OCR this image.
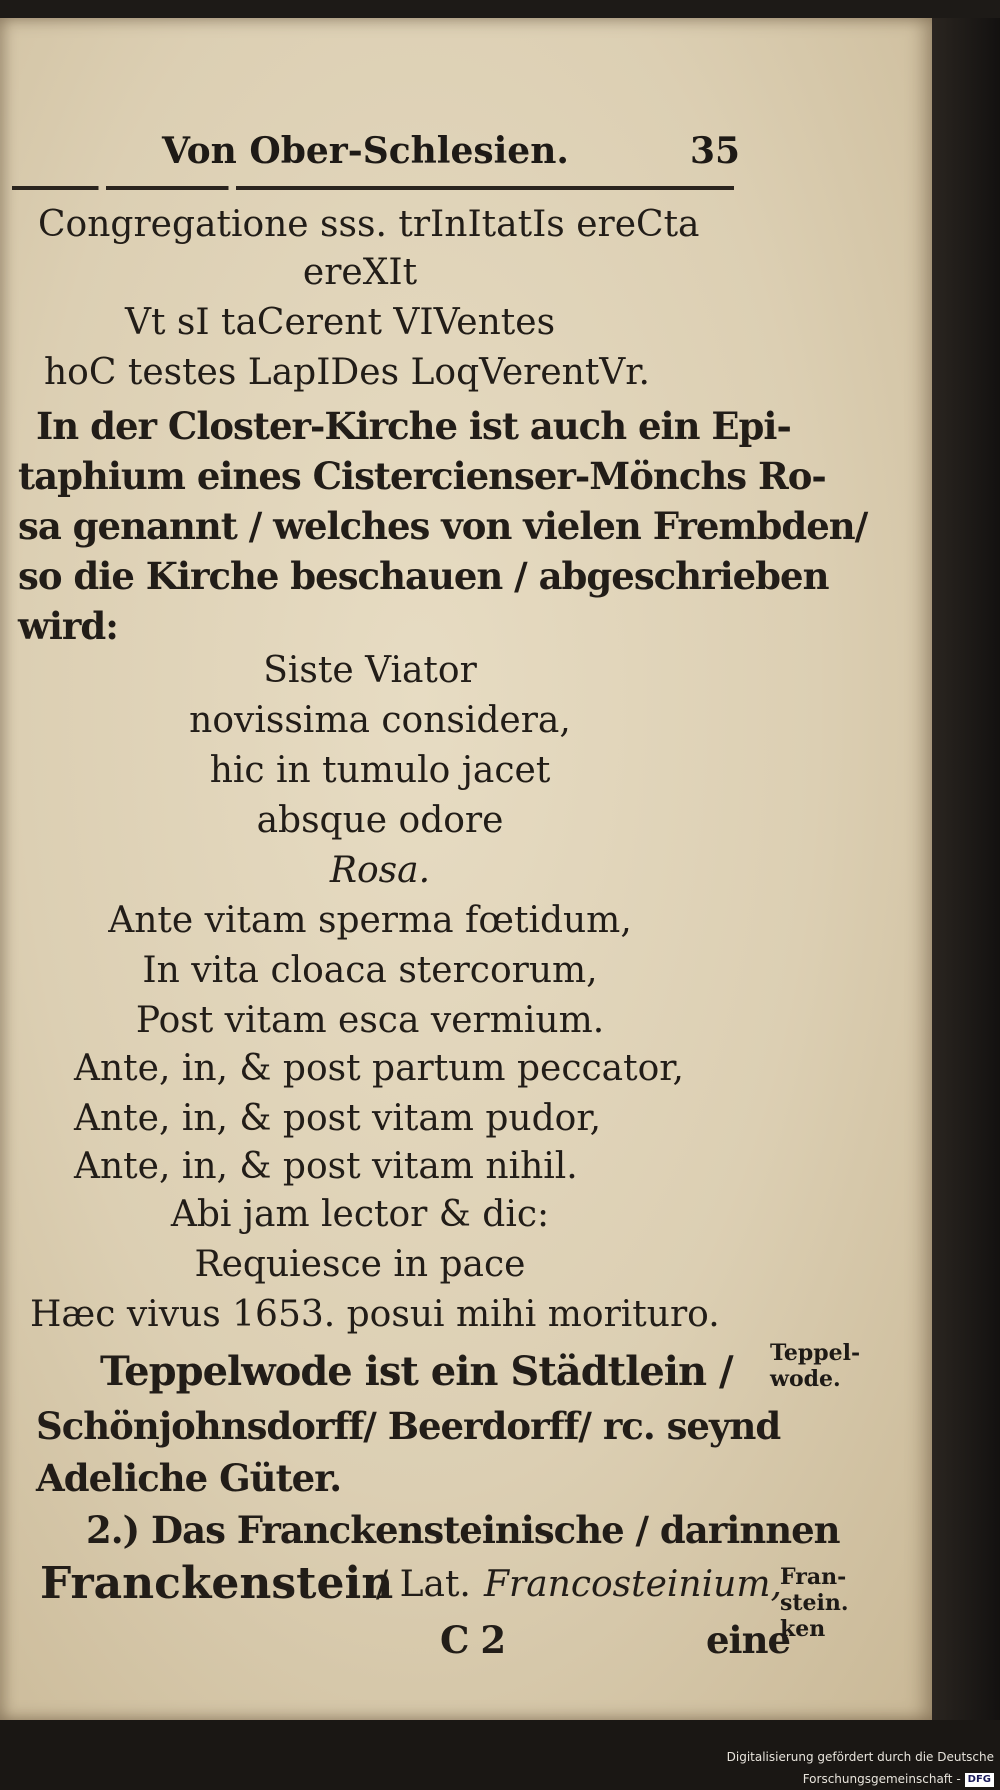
Von Ober-Schlesien.	35
Congregatione sss. trInItatIs ereCta
ereXIt
Vt sI taCerent VIVentes
hoC testes LapIDes LoqVerentVr.
In der Closter-Kirche ist auch ein Epi-
taphium eines Cistercienser-Mönchs Ro-
sa genannt / welches von vielen Frembden/
so die Kirche beschauen / abgeschrieben
wird:
Siste Viator
novissima considera,
hic in tumulo jacet
absque odore
Rosa.
Ante vitam sperma fœtidum,
In vita cloaca stercorum,
Post vitam esca vermium.
Ante, in, & post partum peccator,
Ante, in, & post vitam pudor,
Ante, in, & post vitam nihil.
Abi jam lector & dic:
Requiesce in pace
Hæc vivus 1653. posui mihi morituro.
Teppelwode ist ein Städtlein /
Schönjohnsdorff/ Beerdorff/ rc. seynd
Adeliche Güter.
2.) Das Franckensteinische / darinnen
Franckenstein
/ Lat. Francosteinium,
C 2	eine
Teppel- wode.
Fran- stein. ken
Digitalisierung gefördert durch die Deutsche Forschungsgemeinschaft - DFG
